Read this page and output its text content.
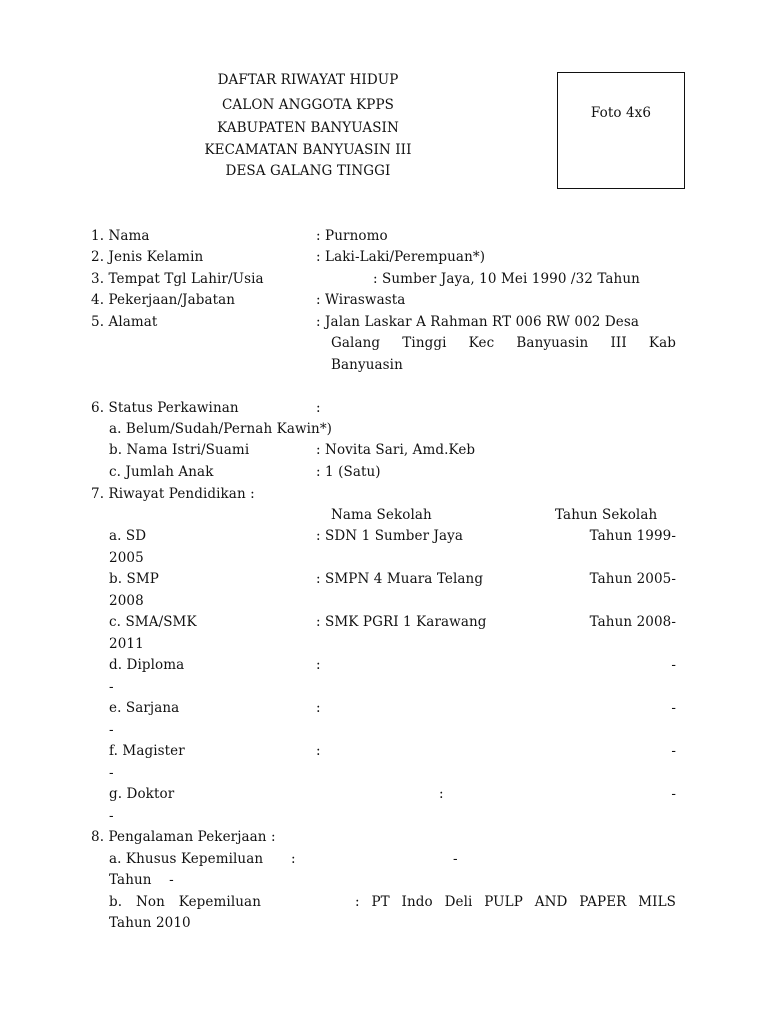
DAFTAR RIWAYAT HIDUP
CALON ANGGOTA KPPS
KABUPATEN BANYUASIN
KECAMATAN BANYUASIN III
DESA GALANG TINGGI
Foto 4x6
1. Nama	: Purnomo
2. Jenis Kelamin	: Laki-Laki/Perempuan*)
3. Tempat Tgl Lahir/Usia	: Sumber Jaya, 10 Mei 1990 /32 Tahun
4. Pekerjaan/Jabatan	: Wiraswasta
5. Alamat	: Jalan Laskar A Rahman RT 006 RW 002 Desa
Galang Tinggi Kec Banyuasin III Kab
Banyuasin
6. Status Perkawinan	:
a. Belum/Sudah/Pernah Kawin*)
b. Nama Istri/Suami	: Novita Sari, Amd.Keb
c. Jumlah Anak	: 1 (Satu)
7. Riwayat Pendidikan :
Nama Sekolah	Tahun Sekolah
a. SD	: SDN 1 Sumber Jaya	Tahun 1999-
2005
b. SMP	: SMPN 4 Muara Telang	Tahun 2005-
2008
c. SMA/SMK	: SMK PGRI 1 Karawang	Tahun 2008-
2011
d. Diploma	:	-
-
e. Sarjana	:	-
-
f. Magister	:	-
-
g. Doktor	:	-
-
8. Pengalaman Pekerjaan :
a. Khusus Kepemiluan :	-
Tahun    -
b. Non Kepemiluan	: PT Indo Deli PULP AND PAPER MILS
Tahun 2010
